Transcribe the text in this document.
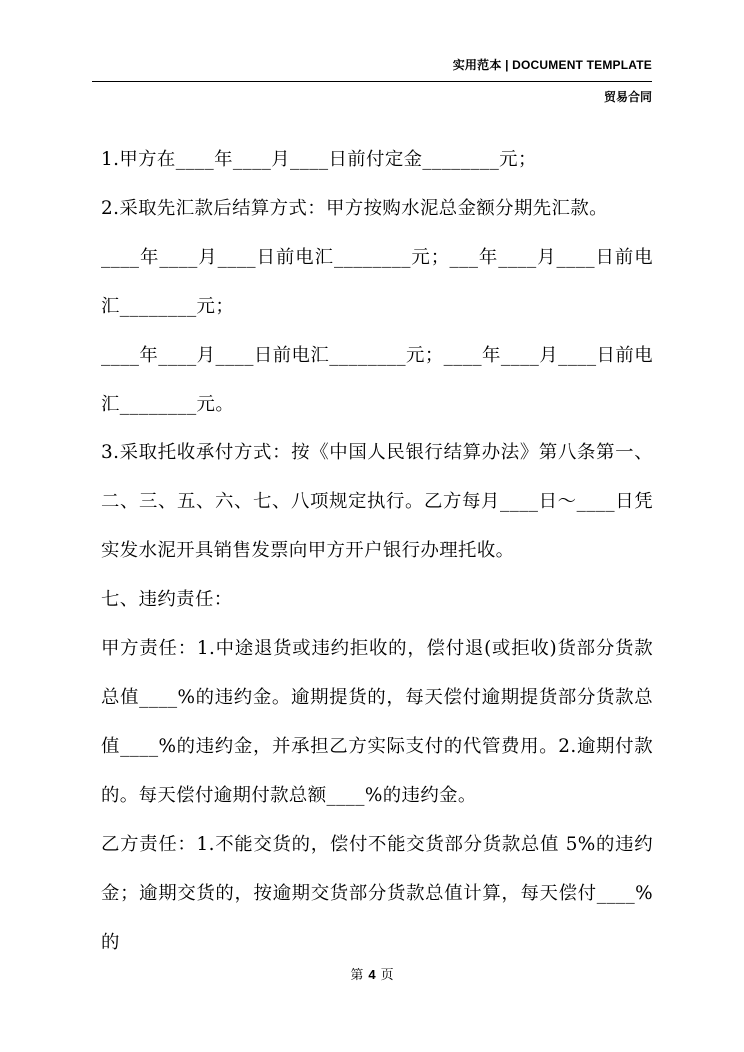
实用范本 | DOCUMENT TEMPLATE
贸易合同

1.甲方在____年____月____日前付定金________元；

2.采取先汇款后结算方式：甲方按购水泥总金额分期先汇款。

____年____月____日前电汇________元；___年____月____日前电汇________元；

____年____月____日前电汇________元；____年____月____日前电汇________元。

3.采取托收承付方式：按《中国人民银行结算办法》第八条第一、二、三、五、六、七、八项规定执行。乙方每月____日～____日凭实发水泥开具销售发票向甲方开户银行办理托收。

七、违约责任：

甲方责任：1.中途退货或违约拒收的，偿付退(或拒收)货部分货款总值____%的违约金。逾期提货的，每天偿付逾期提货部分货款总值____%的违约金，并承担乙方实际支付的代管费用。2.逾期付款的。每天偿付逾期付款总额____%的违约金。

乙方责任：1.不能交货的，偿付不能交货部分货款总值 5%的违约金；逾期交货的，按逾期交货部分货款总值计算，每天偿付____%的

第 4 页
